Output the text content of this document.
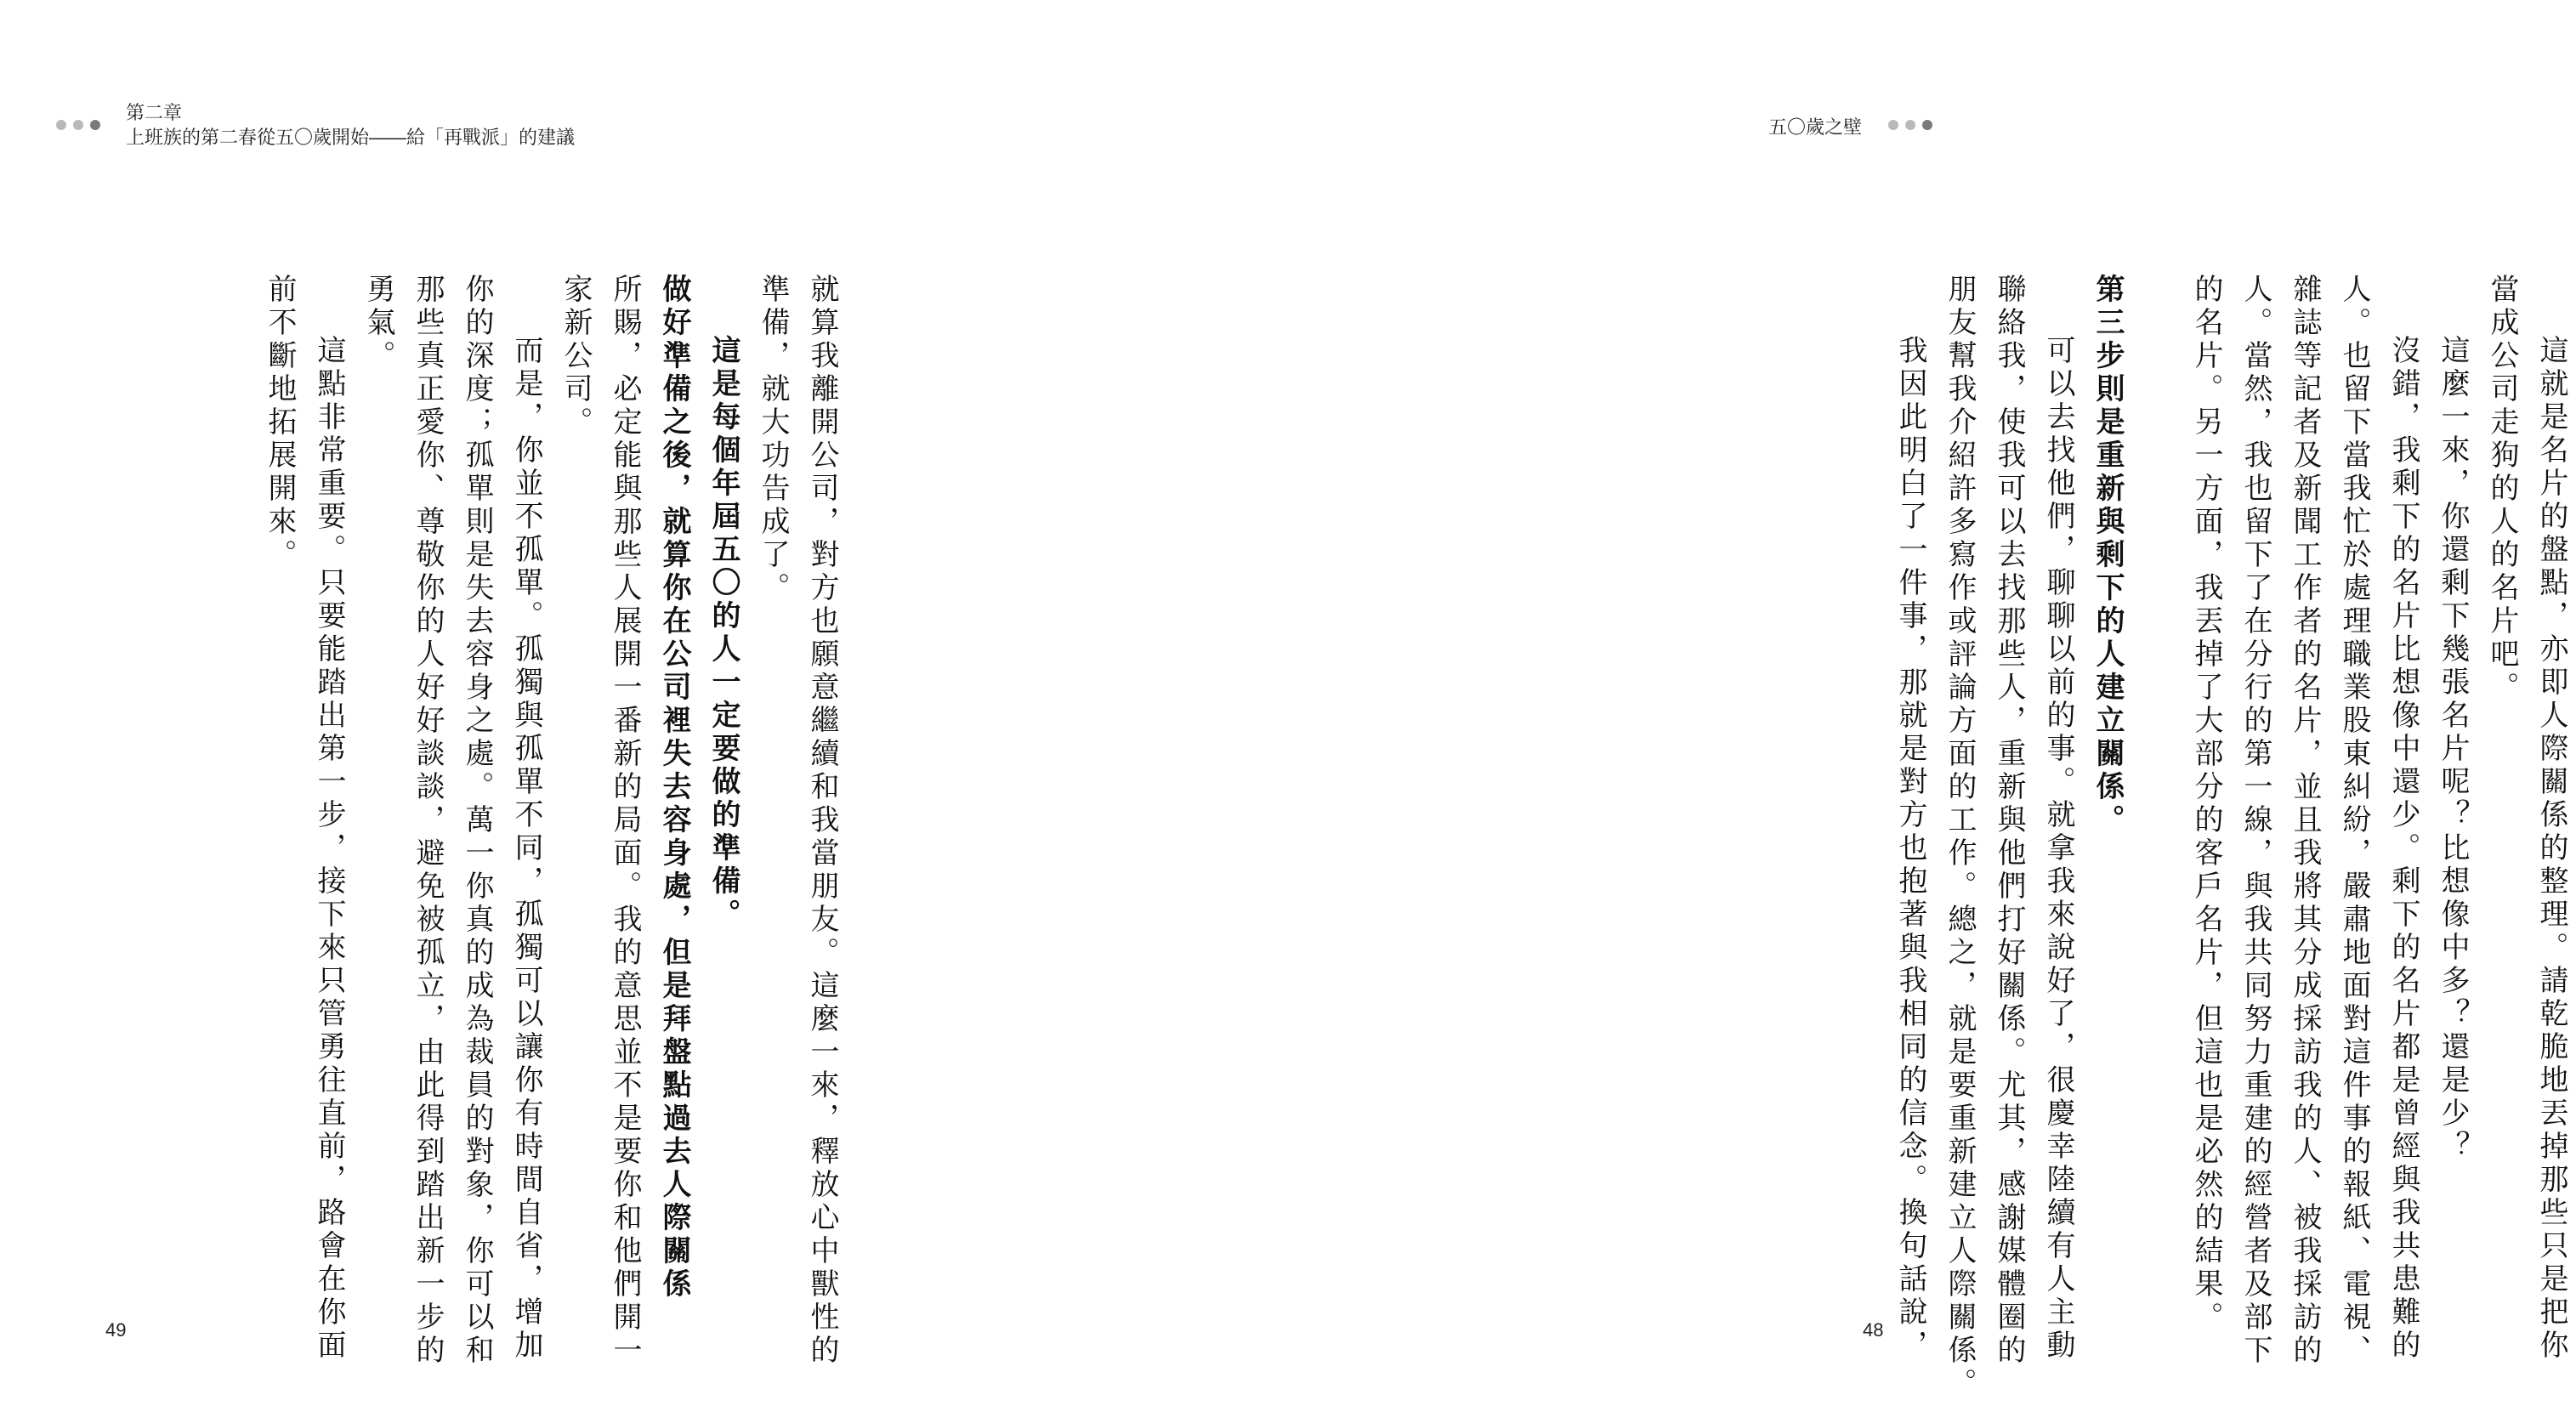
第二章
上班族的第二春從五〇歲開始——給「再戰派」的建議	五〇歲之壁
這就是名片的盤點，亦即人際關係的整理。請乾脆地丟掉那些只是把你
當成公司走狗的人的名片吧。
這麼一來，你還剩下幾張名片呢？比想像中多？還是少？
沒錯，我剩下的名片比想像中還少。剩下的名片都是曾經與我共患難的
人。也留下當我忙於處理職業股東糾紛，嚴肅地面對這件事的報紙、電視、
雜誌等記者及新聞工作者的名片，並且我將其分成採訪我的人、被我採訪的
人。當然，我也留下了在分行的第一線，與我共同努力重建的經營者及部下
的名片。另一方面，我丟掉了大部分的客戶名片，但這也是必然的結果。

第三步則是重新與剩下的人建立關係。
可以去找他們，聊聊以前的事。就拿我來說好了，很慶幸陸續有人主動
聯絡我，使我可以去找那些人，重新與他們打好關係。尤其，感謝媒體圈的
朋友幫我介紹許多寫作或評論方面的工作。總之，就是要重新建立人際關係。
我因此明白了一件事，那就是對方也抱著與我相同的信念。換句話說，
就算我離開公司，對方也願意繼續和我當朋友。這麼一來，釋放心中獸性的
準備，就大功告成了。
這是每個年屆五〇的人一定要做的準備。
做好準備之後，就算你在公司裡失去容身處，但是拜盤點過去人際關係
所賜，必定能與那些人展開一番新的局面。我的意思並不是要你和他們開一
家新公司。
而是，你並不孤單。孤獨與孤單不同，孤獨可以讓你有時間自省，增加
你的深度；孤單則是失去容身之處。萬一你真的成為裁員的對象，你可以和
那些真正愛你、尊敬你的人好好談談，避免被孤立，由此得到踏出新一步的
勇氣。
這點非常重要。只要能踏出第一步，接下來只管勇往直前，路會在你面
前不斷地拓展開來。
49	48
